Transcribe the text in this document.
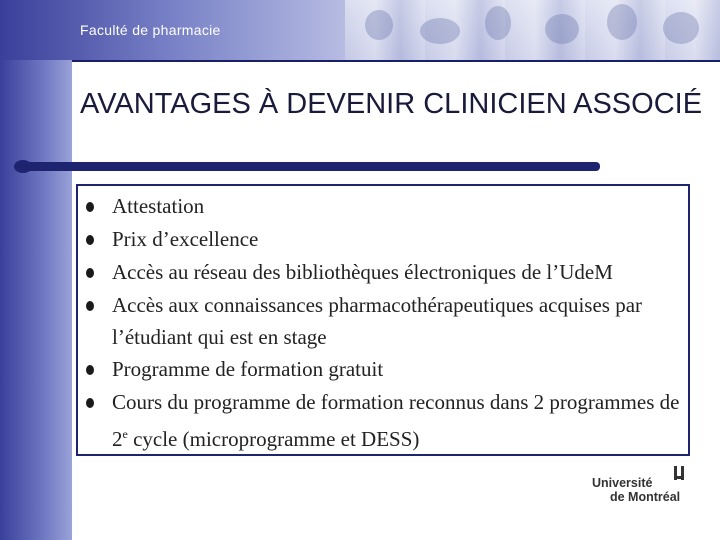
Faculté de pharmacie
AVANTAGES À DEVENIR CLINICIEN ASSOCIÉ
Attestation
Prix d’excellence
Accès au réseau des bibliothèques électroniques de l’UdeM
Accès aux connaissances pharmacothérapeutiques acquises par l’étudiant qui est en stage
Programme de formation gratuit
Cours du programme de formation reconnus dans 2 programmes de 2e cycle (microprogramme et DESS)
Université
de Montréal
